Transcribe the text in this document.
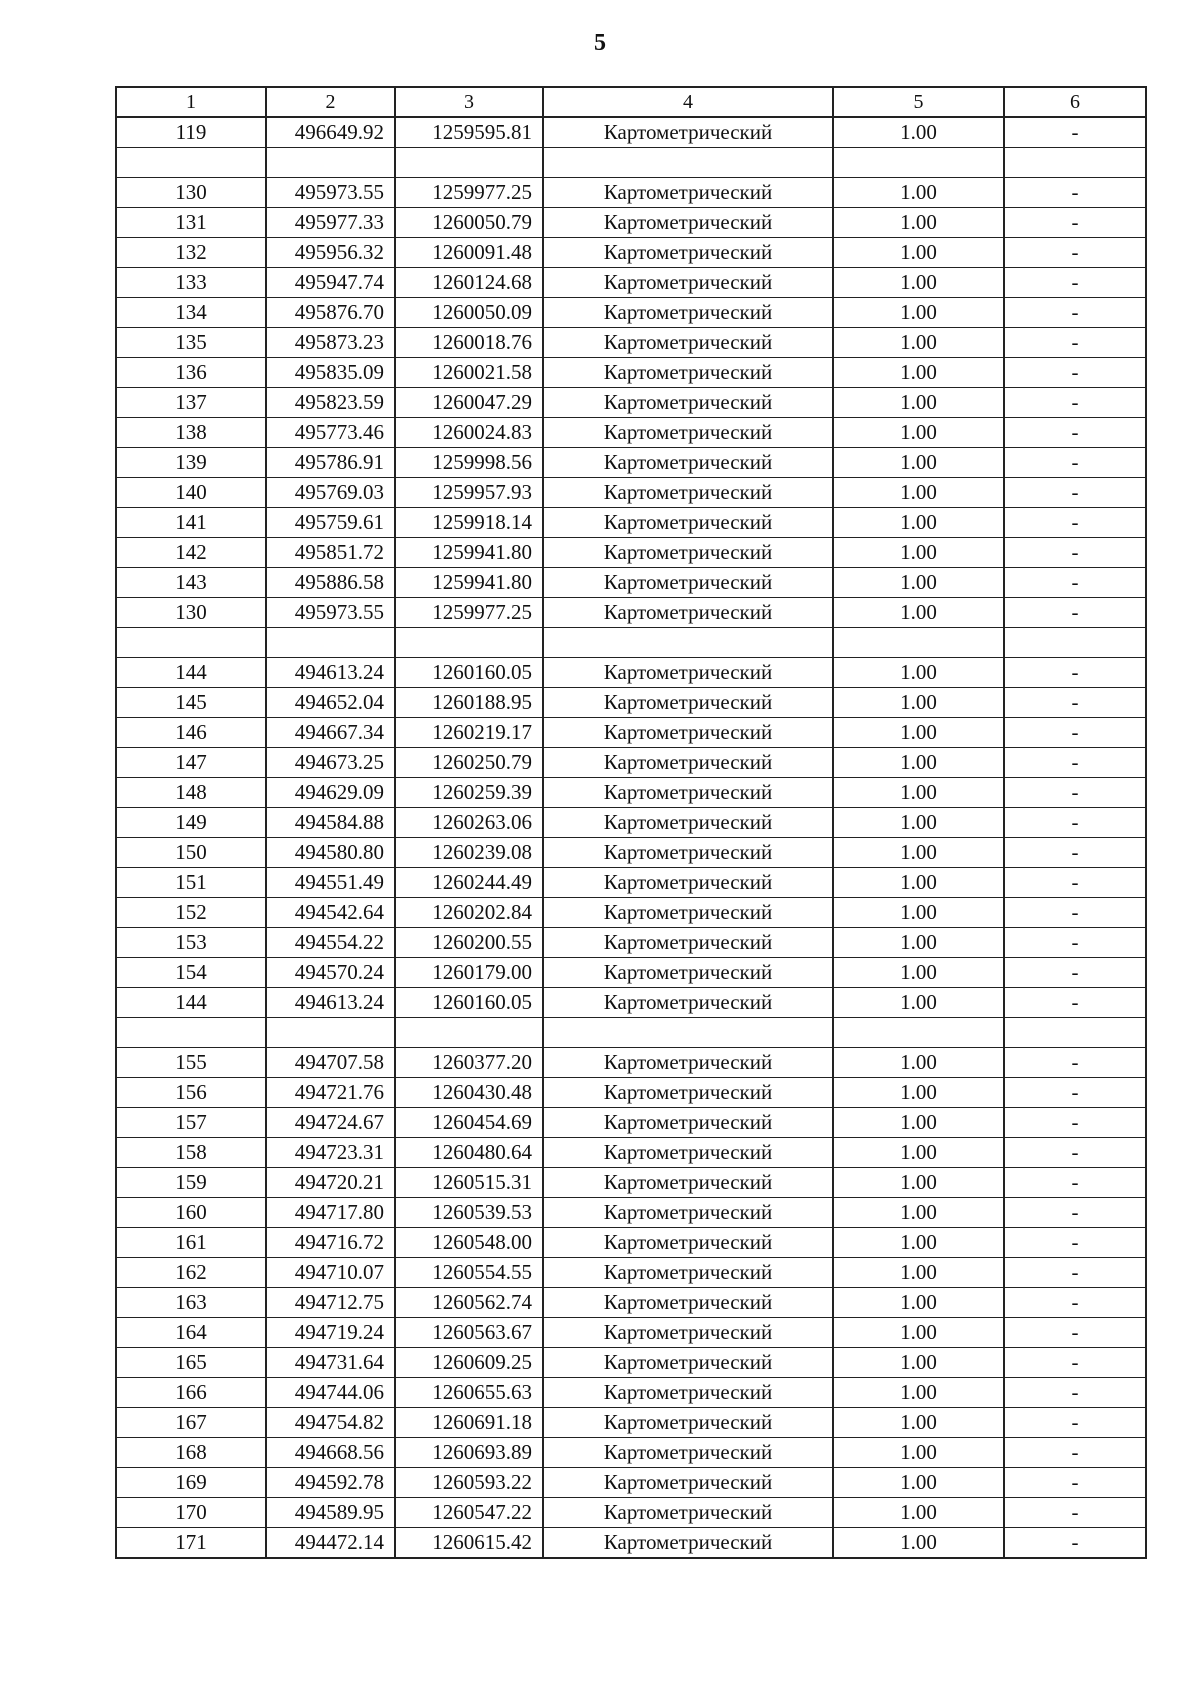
5
1	2	3	4	5	6
119	496649.92	1259595.81	Картометрический	1.00	-

130	495973.55	1259977.25	Картометрический	1.00	-
131	495977.33	1260050.79	Картометрический	1.00	-
132	495956.32	1260091.48	Картометрический	1.00	-
133	495947.74	1260124.68	Картометрический	1.00	-
134	495876.70	1260050.09	Картометрический	1.00	-
135	495873.23	1260018.76	Картометрический	1.00	-
136	495835.09	1260021.58	Картометрический	1.00	-
137	495823.59	1260047.29	Картометрический	1.00	-
138	495773.46	1260024.83	Картометрический	1.00	-
139	495786.91	1259998.56	Картометрический	1.00	-
140	495769.03	1259957.93	Картометрический	1.00	-
141	495759.61	1259918.14	Картометрический	1.00	-
142	495851.72	1259941.80	Картометрический	1.00	-
143	495886.58	1259941.80	Картометрический	1.00	-
130	495973.55	1259977.25	Картометрический	1.00	-

144	494613.24	1260160.05	Картометрический	1.00	-
145	494652.04	1260188.95	Картометрический	1.00	-
146	494667.34	1260219.17	Картометрический	1.00	-
147	494673.25	1260250.79	Картометрический	1.00	-
148	494629.09	1260259.39	Картометрический	1.00	-
149	494584.88	1260263.06	Картометрический	1.00	-
150	494580.80	1260239.08	Картометрический	1.00	-
151	494551.49	1260244.49	Картометрический	1.00	-
152	494542.64	1260202.84	Картометрический	1.00	-
153	494554.22	1260200.55	Картометрический	1.00	-
154	494570.24	1260179.00	Картометрический	1.00	-
144	494613.24	1260160.05	Картометрический	1.00	-

155	494707.58	1260377.20	Картометрический	1.00	-
156	494721.76	1260430.48	Картометрический	1.00	-
157	494724.67	1260454.69	Картометрический	1.00	-
158	494723.31	1260480.64	Картометрический	1.00	-
159	494720.21	1260515.31	Картометрический	1.00	-
160	494717.80	1260539.53	Картометрический	1.00	-
161	494716.72	1260548.00	Картометрический	1.00	-
162	494710.07	1260554.55	Картометрический	1.00	-
163	494712.75	1260562.74	Картометрический	1.00	-
164	494719.24	1260563.67	Картометрический	1.00	-
165	494731.64	1260609.25	Картометрический	1.00	-
166	494744.06	1260655.63	Картометрический	1.00	-
167	494754.82	1260691.18	Картометрический	1.00	-
168	494668.56	1260693.89	Картометрический	1.00	-
169	494592.78	1260593.22	Картометрический	1.00	-
170	494589.95	1260547.22	Картометрический	1.00	-
171	494472.14	1260615.42	Картометрический	1.00	-
